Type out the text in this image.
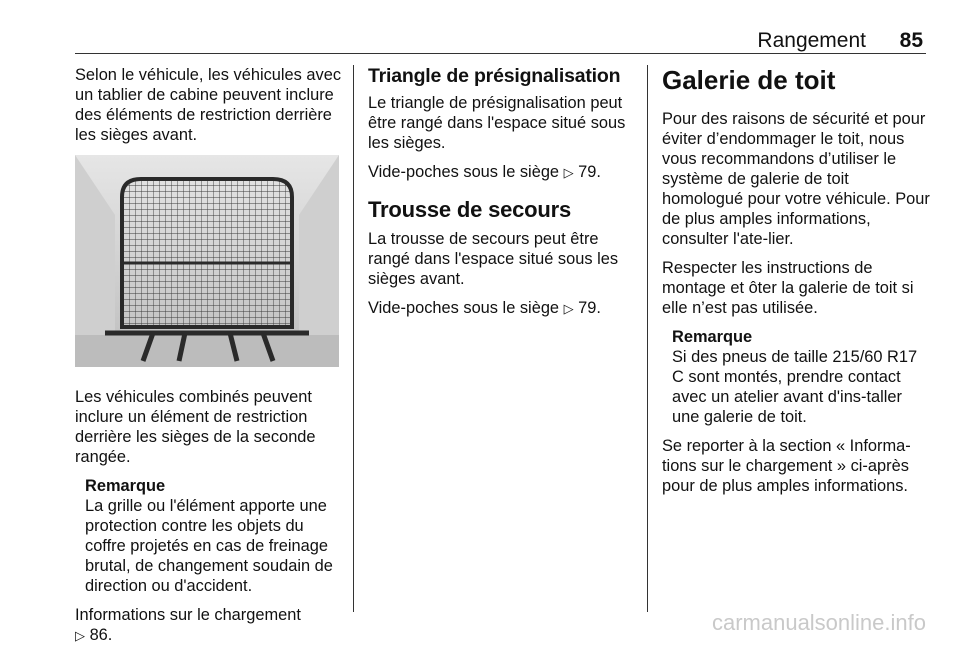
Rangement 85

Selon le véhicule, les véhicules avec un tablier de cabine peuvent inclure des éléments de restriction derrière les sièges avant.

Les véhicules combinés peuvent inclure un élément de restriction derrière les sièges de la seconde rangée.

Remarque
La grille ou l'élément apporte une protection contre les objets du coffre projetés en cas de freinage brutal, de changement soudain de direction ou d'accident.

Informations sur le chargement
▷ 86.

Triangle de présignalisation

Le triangle de présignalisation peut être rangé dans l'espace situé sous les sièges.

Vide-poches sous le siège ▷ 79.

Trousse de secours

La trousse de secours peut être rangé dans l'espace situé sous les sièges avant.

Vide-poches sous le siège ▷ 79.

Galerie de toit

Pour des raisons de sécurité et pour éviter d’endommager le toit, nous vous recommandons d’utiliser le système de galerie de toit homologué pour votre véhicule. Pour de plus amples informations, consulter l'ate-lier.

Respecter les instructions de montage et ôter la galerie de toit si elle n’est pas utilisée.

Remarque
Si des pneus de taille 215/60 R17 C sont montés, prendre contact avec un atelier avant d'ins-taller une galerie de toit.

Se reporter à la section « Informa-tions sur le chargement » ci-après pour de plus amples informations.

carmanualsonline.info
